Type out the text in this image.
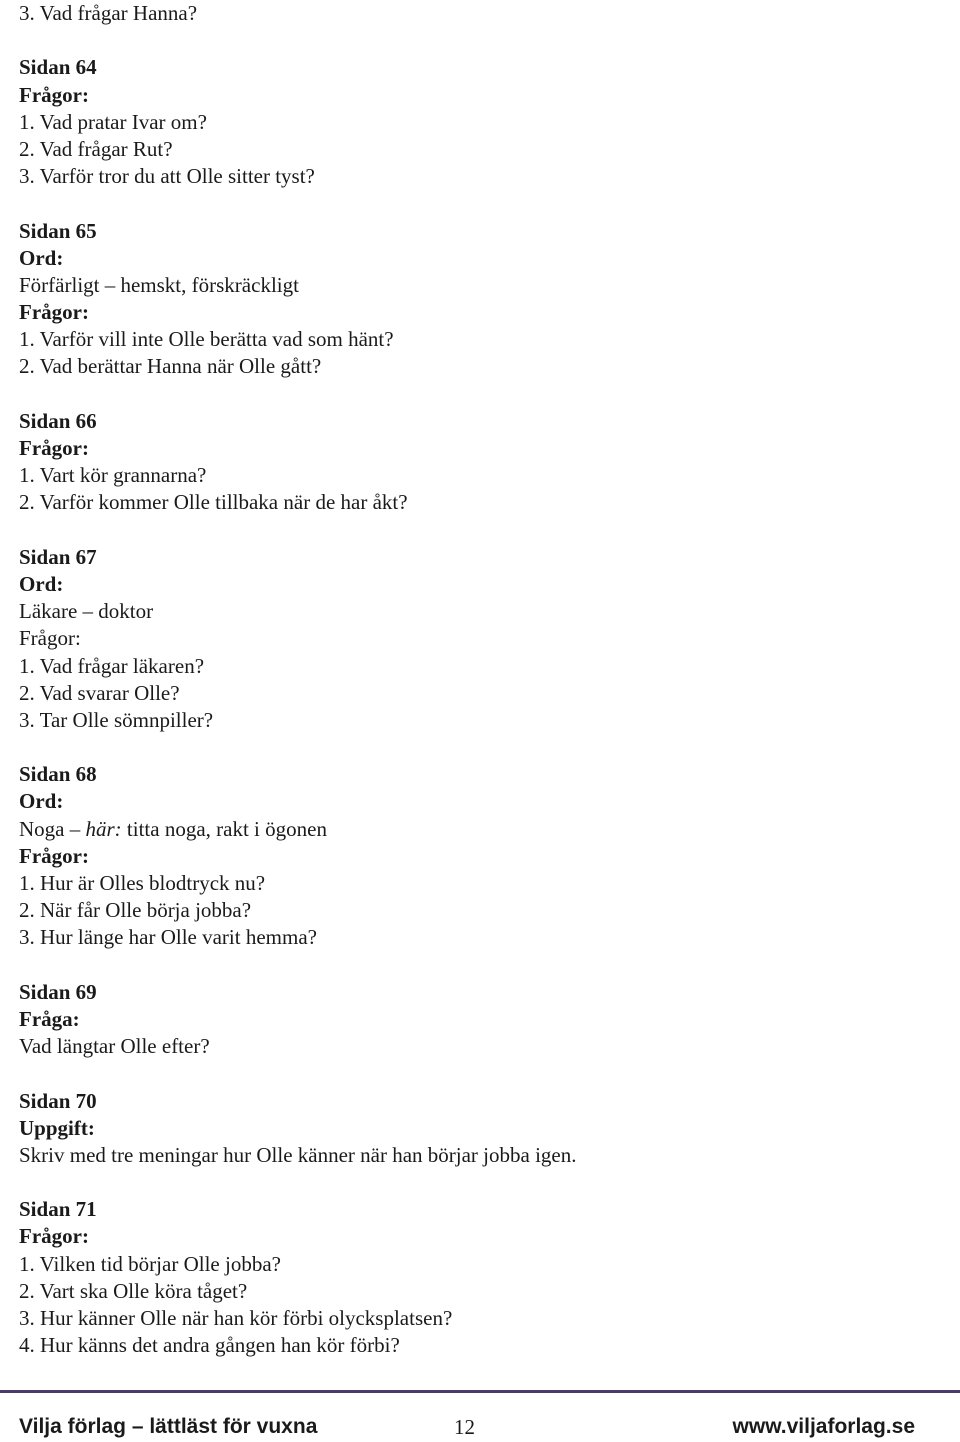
3. Vad frågar Hanna?
Sidan 64
Frågor:
1. Vad pratar Ivar om?
2. Vad frågar Rut?
3. Varför tror du att Olle sitter tyst?
Sidan 65
Ord:
Förfärligt – hemskt, förskräckligt
Frågor:
1. Varför vill inte Olle berätta vad som hänt?
2. Vad berättar Hanna när Olle gått?
Sidan 66
Frågor:
1. Vart kör grannarna?
2. Varför kommer Olle tillbaka när de har åkt?
Sidan 67
Ord:
Läkare – doktor
Frågor:
1. Vad frågar läkaren?
2. Vad svarar Olle?
3. Tar Olle sömnpiller?
Sidan 68
Ord:
Noga – här: titta noga, rakt i ögonen
Frågor:
1. Hur är Olles blodtryck nu?
2. När får Olle börja jobba?
3. Hur länge har Olle varit hemma?
Sidan 69
Fråga:
Vad längtar Olle efter?
Sidan 70
Uppgift:
Skriv med tre meningar hur Olle känner när han börjar jobba igen.
Sidan 71
Frågor:
1. Vilken tid börjar Olle jobba?
2. Vart ska Olle köra tåget?
3. Hur känner Olle när han kör förbi olycksplatsen?
4. Hur känns det andra gången han kör förbi?
Vilja förlag – lättläst för vuxna	12	www.viljaforlag.se
